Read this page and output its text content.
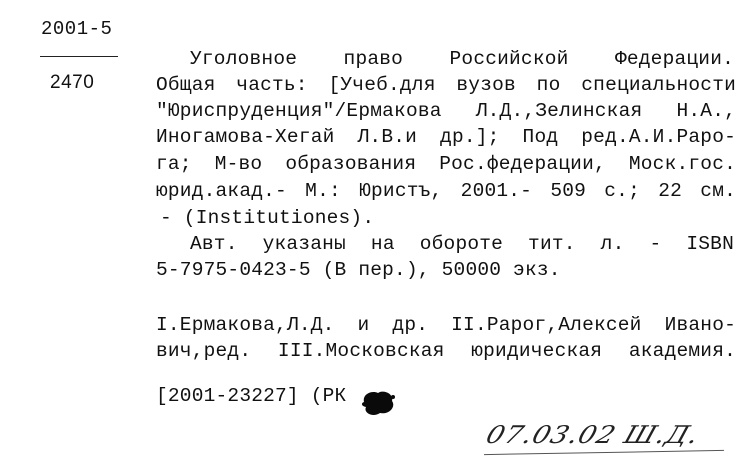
2001-5
2470
Уголовное право Российской Федерации.
Общая часть: [Учеб.для вузов по специальности
"Юриспруденция"/Ермакова Л.Д.,Зелинская Н.А.,
Иногамова-Хегай Л.В.и др.]; Под ред.А.И.Раро-
га; М-во образования Рос.федерации, Моск.гос.
юрид.акад.- М.: Юристъ, 2001.- 509 с.; 22 см.
- (Institutiones).
Авт. указаны на обороте тит. л. - ISBN
5-7975-0423-5 (В пер.), 50000 экз.
I.Ермакова,Л.Д. и др. II.Рарог,Алексей Ивано-
вич,ред. III.Московская юридическая академия.
[2001-23227] (РК
07.03.02 Ш.Д.
